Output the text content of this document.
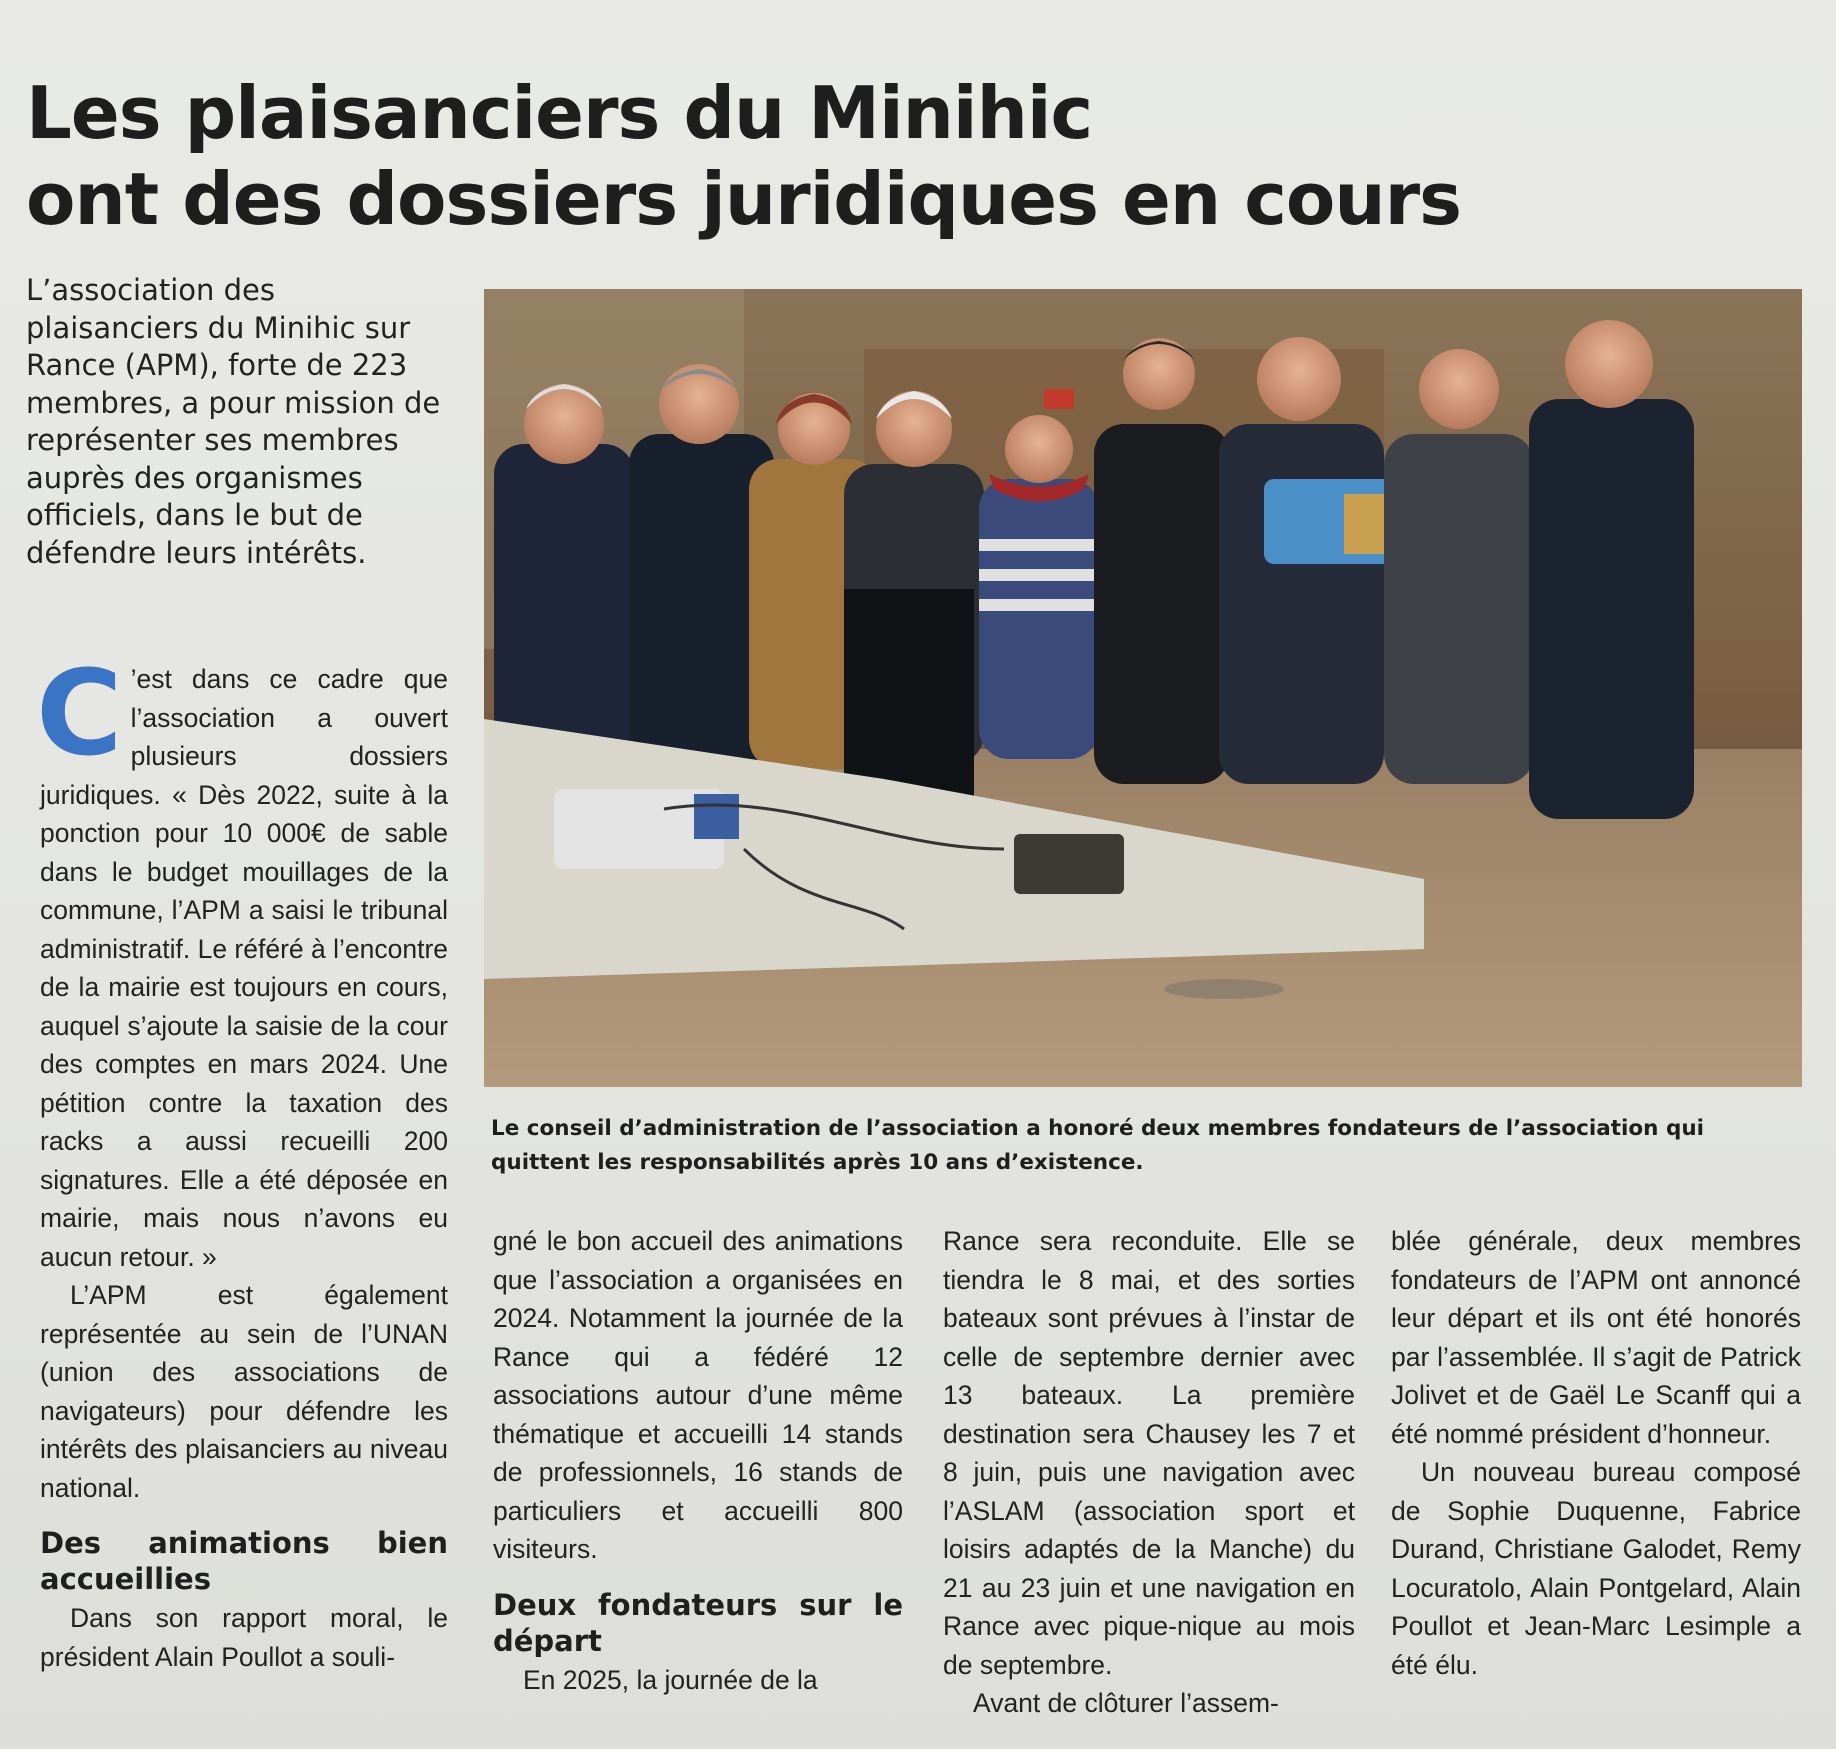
Les plaisanciers du Minihic
ont des dossiers juridiques en cours
L’association des plaisanciers du Minihic sur Rance (APM), forte de 223 membres, a pour mission de représenter ses membres auprès des organismes officiels, dans le but de défendre leurs intérêts.
Le conseil d’administration de l’association a honoré deux membres fondateurs de l’association qui quittent les responsabilités après 10 ans d’existence.

C ’est dans ce cadre que l’association a ouvert plusieurs dossiers juridiques. « Dès 2022, suite à la ponction pour 10 000€ de sable dans le budget mouillages de la commune, l’APM a saisi le tribunal administratif. Le référé à l’encontre de la mairie est toujours en cours, auquel s’ajoute la saisie de la cour des comptes en mars 2024. Une pétition contre la taxation des racks a aussi recueilli 200 signatures. Elle a été déposée en mairie, mais nous n’avons eu aucun retour. »

L’APM est également représentée au sein de l’UNAN (union des associations de navigateurs) pour défendre les intérêts des plaisanciers au niveau national.

Des animations bien accueillies

Dans son rapport moral, le président Alain Poullot a souli-

gné le bon accueil des animations que l’association a organisées en 2024. Notamment la journée de la Rance qui a fédéré 12 associations autour d’une même thématique et accueilli 14 stands de professionnels, 16 stands de particuliers et accueilli 800 visiteurs.

Deux fondateurs sur le départ

En 2025, la journée de la

Rance sera reconduite. Elle se tiendra le 8 mai, et des sorties bateaux sont prévues à l’instar de celle de septembre dernier avec 13 bateaux. La première destination sera Chausey les 7 et 8 juin, puis une navigation avec l’ASLAM (association sport et loisirs adaptés de la Manche) du 21 au 23 juin et une navigation en Rance avec pique-nique au mois de septembre.

Avant de clôturer l’assem-

blée générale, deux membres fondateurs de l’APM ont annoncé leur départ et ils ont été honorés par l’assemblée. Il s’agit de Patrick Jolivet et de Gaël Le Scanff qui a été nommé président d’honneur.

Un nouveau bureau composé de Sophie Duquenne, Fabrice Durand, Christiane Galodet, Remy Locuratolo, Alain Pontgelard, Alain Poullot et Jean-Marc Lesimple a été élu.
